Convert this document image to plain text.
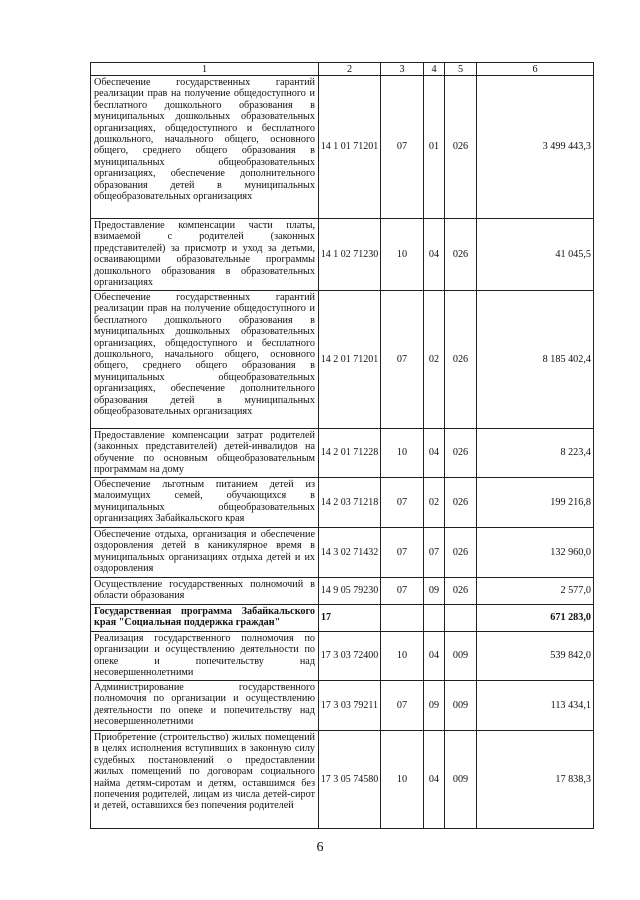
1	2	3	4	5	6
Обеспечение государственных гарантий реализации прав на получение общедоступного и бесплатного дошкольного образования в муниципальных дошкольных образовательных организациях, общедоступного и бесплатного дошкольного, начального общего, основного общего, среднего общего образования в муниципальных общеобразовательных организациях, обеспечение дополнительного образования детей в муниципальных общеобразовательных организациях	14 1 01 71201	07	01	026	3 499 443,3
Предоставление компенсации части платы, взимаемой с родителей (законных представителей) за присмотр и уход за детьми, осваивающими образовательные программы дошкольного образования в образовательных организациях	14 1 02 71230	10	04	026	41 045,5
Обеспечение государственных гарантий реализации прав на получение общедоступного и бесплатного дошкольного образования в муниципальных дошкольных образовательных организациях, общедоступного и бесплатного дошкольного, начального общего, основного общего, среднего общего образования в муниципальных общеобразовательных организациях, обеспечение дополнительного образования детей в муниципальных общеобразовательных организациях	14 2 01 71201	07	02	026	8 185 402,4
Предоставление компенсации затрат родителей (законных представителей) детей-инвалидов на обучение по основным общеобразовательным программам на дому	14 2 01 71228	10	04	026	8 223,4
Обеспечение льготным питанием детей из малоимущих семей, обучающихся в муниципальных общеобразовательных организациях Забайкальского края	14 2 03 71218	07	02	026	199 216,8
Обеспечение отдыха, организация и обеспечение оздоровления детей в каникулярное время в муниципальных организациях отдыха детей и их оздоровления	14 3 02 71432	07	07	026	132 960,0
Осуществление государственных полномочий в области образования	14 9 05 79230	07	09	026	2 577,0
Государственная программа Забайкальского края "Социальная поддержка граждан"	17				671 283,0
Реализация государственного полномочия по организации и осуществлению деятельности по опеке и попечительству над несовершеннолетними	17 3 03 72400	10	04	009	539 842,0
Администрирование государственного полномочия по организации и осуществлению деятельности по опеке и попечительству над несовершеннолетними	17 3 03 79211	07	09	009	113 434,1
Приобретение (строительство) жилых помещений в целях исполнения вступивших в законную силу судебных постановлений о предоставлении жилых помещений по договорам социального найма детям-сиротам и детям, оставшимся без попечения родителей, лицам из числа детей-сирот и детей, оставшихся без попечения родителей	17 3 05 74580	10	04	009	17 838,3
6
